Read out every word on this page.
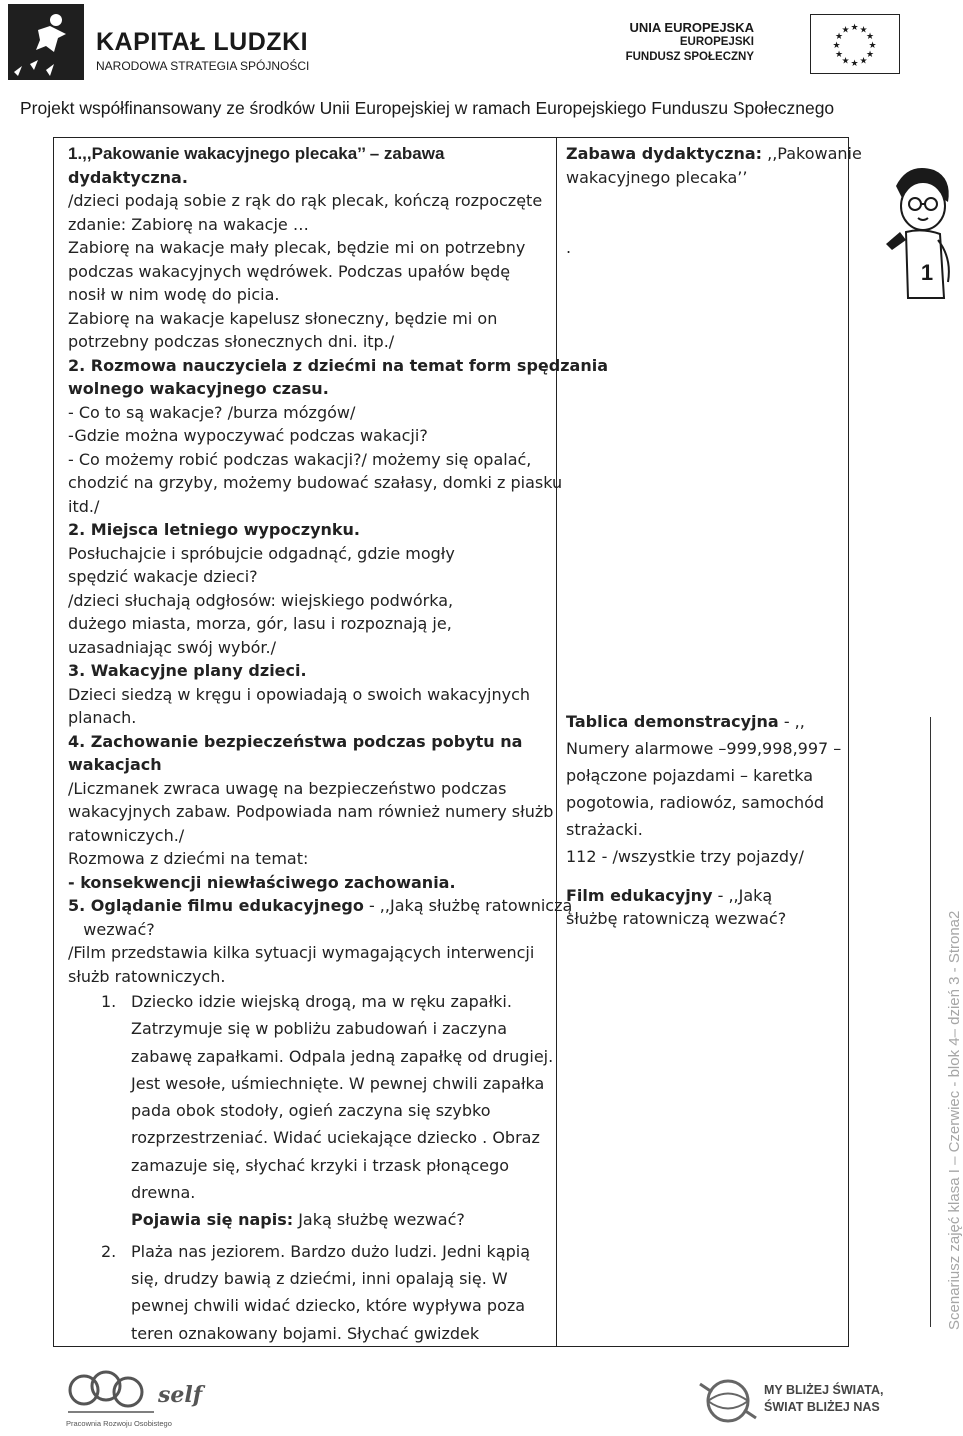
KAPITAŁ LUDZKI
NARODOWA STRATEGIA SPÓJNOŚCI
UNIA EUROPEJSKA
EUROPEJSKI
FUNDUSZ SPOŁECZNY
★ ★
★
★
★
★
★
★
★
★
★
★
Projekt współfinansowany ze środków Unii Europejskiej w ramach Europejskiego Funduszu Społecznego
1.,,Pakowanie wakacyjnego plecaka’’ – zabawa
dydaktyczna.
/dzieci podają sobie z rąk do rąk plecak, kończą rozpoczęte
zdanie: Zabiorę na wakacje …
Zabiorę na wakacje mały plecak, będzie mi on potrzebny
podczas wakacyjnych wędrówek. Podczas upałów będę
nosił w nim wodę do picia.
Zabiorę na wakacje kapelusz słoneczny, będzie mi on
potrzebny podczas słonecznych dni. itp./
2. Rozmowa nauczyciela z dziećmi na temat form spędzania
wolnego wakacyjnego czasu.
- Co to są wakacje? /burza mózgów/
-Gdzie można wypoczywać podczas wakacji?
- Co możemy robić podczas wakacji?/ możemy się opalać,
chodzić na grzyby, możemy budować szałasy, domki z piasku
itd./
2. Miejsca letniego wypoczynku.
Posłuchajcie i spróbujcie odgadnąć, gdzie mogły
spędzić wakacje dzieci?
/dzieci słuchają odgłosów: wiejskiego podwórka,
dużego miasta, morza, gór, lasu i rozpoznają je,
uzasadniając swój wybór./
3. Wakacyjne plany dzieci.
Dzieci siedzą w kręgu i opowiadają o swoich wakacyjnych
planach.
4. Zachowanie bezpieczeństwa podczas pobytu na
wakacjach
/Liczmanek zwraca uwagę na bezpieczeństwo podczas
wakacyjnych zabaw. Podpowiada nam również numery służb
ratowniczych./
Rozmowa z dziećmi na temat:
- konsekwencji niewłaściwego zachowania.
5. Oglądanie filmu edukacyjnego - ,,Jaką służbę ratowniczą
wezwać?
/Film przedstawia kilka sytuacji wymagających interwencji
służb ratowniczych.
1. Dziecko idzie wiejską drogą, ma w ręku zapałki.
Zatrzymuje się w pobliżu zabudowań i zaczyna
zabawę zapałkami. Odpala jedną zapałkę od drugiej.
Jest wesołe, uśmiechnięte. W pewnej chwili zapałka
pada obok stodoły, ogień zaczyna się szybko
rozprzestrzeniać. Widać uciekające dziecko . Obraz
zamazuje się, słychać krzyki i trzask płonącego
drewna.
Pojawia się napis: Jaką służbę wezwać?
2. Plaża nas jeziorem. Bardzo dużo ludzi. Jedni kąpią
się, drudzy bawią z dziećmi, inni opalają się. W
pewnej chwili widać dziecko, które wypływa poza
teren oznakowany bojami. Słychać gwizdek
Zabawa dydaktyczna: ,,Pakowanie
wakacyjnego plecaka’’
.
Tablica demonstracyjna - ,,
Numery alarmowe –999,998,997 –
połączone pojazdami – karetka
pogotowia, radiowóz, samochód
strażacki.
112 - /wszystkie trzy pojazdy/
Film edukacyjny - ,,Jaką
służbę ratowniczą wezwać?
1
Scenariusz zajęć klasa I – Czerwiec - blok 4– dzień 3 - Strona2
self
Pracownia Rozwoju Osobistego
MY BLIŻEJ ŚWIATA,
ŚWIAT BLIŻEJ NAS
